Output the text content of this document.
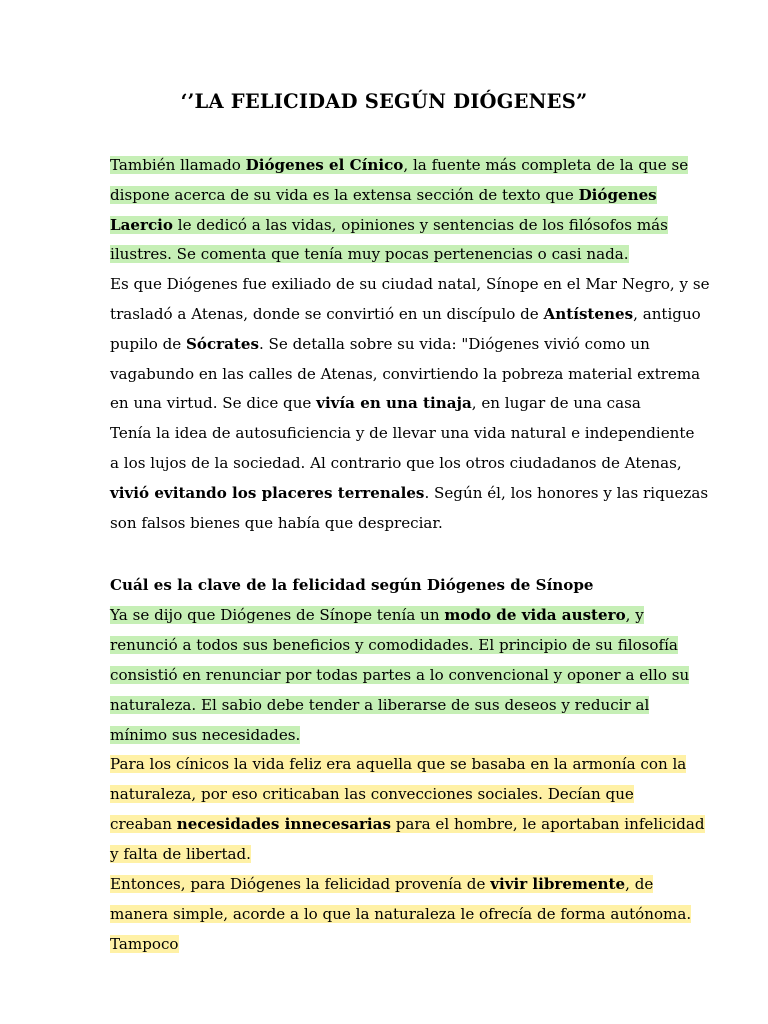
‘’LA FELICIDAD SEGÚN DIÓGENES”
También llamado Diógenes el Cínico, la fuente más completa de la que se
dispone acerca de su vida es la extensa sección de texto que Diógenes
Laercio le dedicó a las vidas, opiniones y sentencias de los filósofos más
ilustres. Se comenta que tenía muy pocas pertenencias o casi nada.
Es que Diógenes fue exiliado de su ciudad natal, Sínope en el Mar Negro, y se
trasladó a Atenas, donde se convirtió en un discípulo de Antístenes, antiguo
pupilo de Sócrates. Se detalla sobre su vida: "Diógenes vivió como un
vagabundo en las calles de Atenas, convirtiendo la pobreza material extrema
en una virtud. Se dice que vivía en una tinaja, en lugar de una casa
Tenía la idea de autosuficiencia y de llevar una vida natural e independiente
a los lujos de la sociedad. Al contrario que los otros ciudadanos de Atenas,
vivió evitando los placeres terrenales. Según él, los honores y las riquezas
son falsos bienes que había que despreciar.
Cuál es la clave de la felicidad según Diógenes de Sínope
Ya se dijo que Diógenes de Sínope tenía un modo de vida austero, y
renunció a todos sus beneficios y comodidades. El principio de su filosofía
consistió en renunciar por todas partes a lo convencional y oponer a ello su
naturaleza. El sabio debe tender a liberarse de sus deseos y reducir al
mínimo sus necesidades.
Para los cínicos la vida feliz era aquella que se basaba en la armonía con la
naturaleza, por eso criticaban las convecciones sociales. Decían que
creaban necesidades innecesarias para el hombre, le aportaban infelicidad
y falta de libertad.
Entonces, para Diógenes la felicidad provenía de vivir libremente, de
manera simple, acorde a lo que la naturaleza le ofrecía de forma autónoma.
Tampoco
